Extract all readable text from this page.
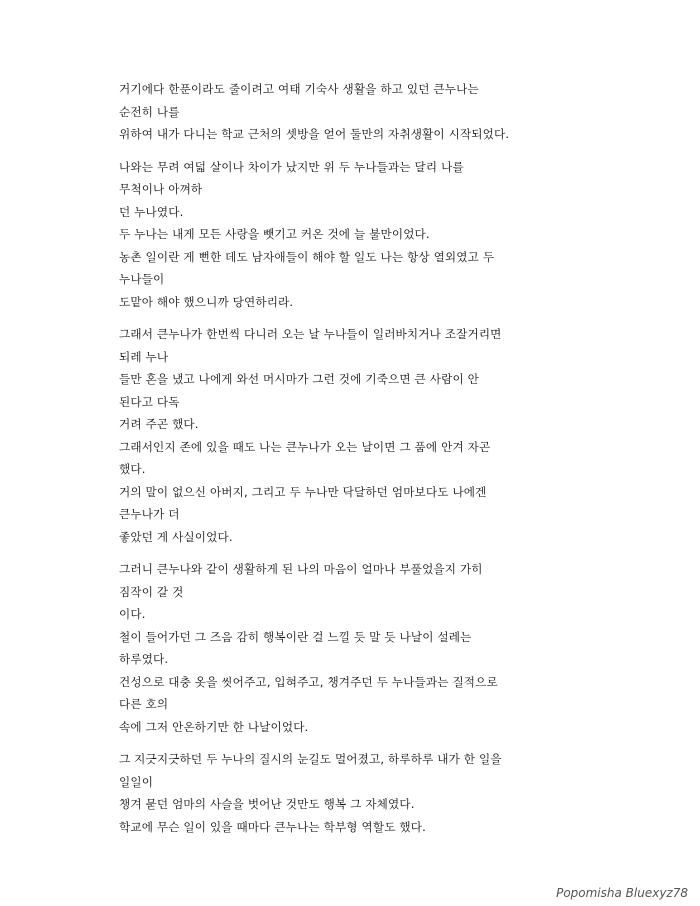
거기에다 한푼이라도 줄이려고 여태 기숙사 생활을 하고 있던 큰누나는
순전히 나를
위하여 내가 다니는 학교 근처의 셋방을 얻어 둘만의 자취생활이 시작되었다.
나와는 무려 여덟 살이나 차이가 났지만 위 두 누나들과는 달리 나를
무척이나 아껴하
던 누나였다.
두 누나는 내게 모든 사랑을 뺏기고 커온 것에 늘 불만이었다.
농촌 일이란 게 뻔한 데도 남자애들이 해야 할 일도 나는 항상 열외였고 두
누나들이
도맡아 해야 했으니까 당연하리라.
그래서 큰누나가 한번씩 다니러 오는 날 누나들이 일러바치거나 조잘거리면
되레 누나
들만 혼을 냈고 나에게 와선 머시마가 그런 것에 기죽으면 큰 사람이 안
된다고 다독
거려 주곤 했다.
그래서인지 존에 있을 때도 나는 큰누나가 오는 날이면 그 품에 안겨 자곤
했다.
거의 말이 없으신 아버지, 그리고 두 누나만 닥달하던 엄마보다도 나에겐
큰누나가 더
좋았던 게 사실이었다.
그러니 큰누나와 같이 생활하게 된 나의 마음이 얼마나 부풀었을지 가히
짐작이 갈 것
이다.
철이 들어가던 그 즈음 감히 행복이란 걸 느낄 듯 말 듯 나날이 설레는
하루였다.
건성으로 대충 옷을 씻어주고, 입혀주고, 챙겨주던 두 누나들과는 질적으로
다른 호의
속에 그저 안온하기만 한 나날이었다.
그 지긋지긋하던 두 누나의 질시의 눈길도 멀어졌고, 하루하루 내가 한 일을
일일이
챙겨 묻던 엄마의 사슬을 벗어난 것만도 행복 그 자체였다.
학교에 무슨 일이 있을 때마다 큰누나는 학부형 역할도 했다.
Popomisha Bluexyz78
